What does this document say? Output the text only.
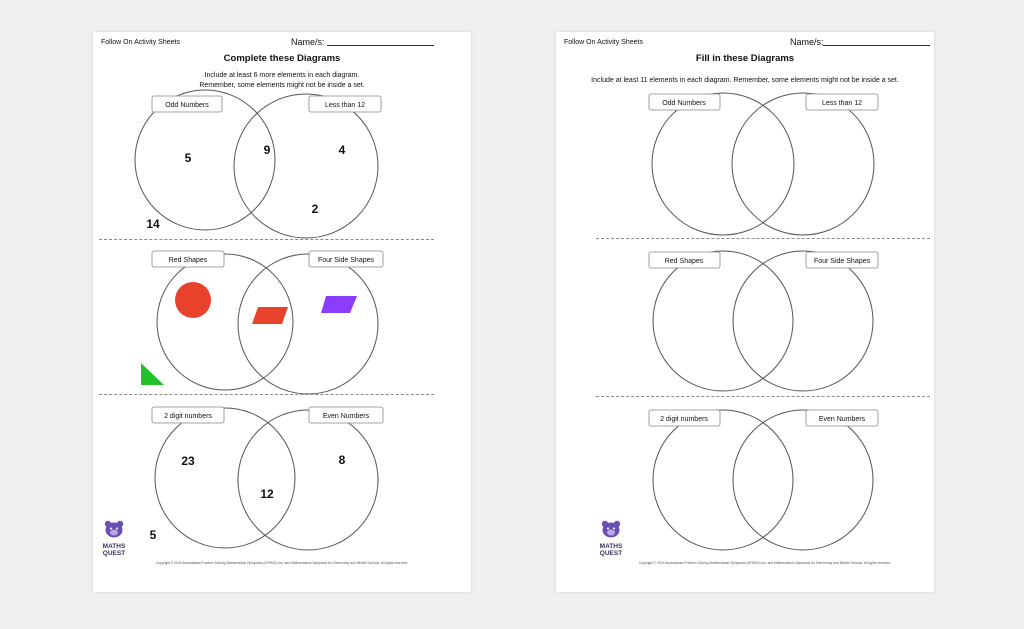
Follow On Activity Sheets	Name/s:
Complete these Diagrams
Include at least 6 more elements in each diagram.
Remember, some elements might not be inside a set.
Odd Numbers	Less than 12
5
9	4
2
14
Red Shapes	Four Side Shapes
2 digit numbers	Even Numbers
23
12
8
5
MATHS
QUEST
Copyright © 2024 Australasian Problem Solving Mathematical Olympiads (APSMO) Inc. and Mathematical Olympiads for Elementary and Middle Schools. All rights reserved.
Follow On Activity Sheets	Name/s:
Fill in these Diagrams
Include at least 11 elements in each diagram. Remember, some elements might not be inside a set.
Odd Numbers	Less than 12
Red Shapes	Four Side Shapes
2 digit numbers	Even Numbers
MATHS
QUEST
Copyright © 2024 Australasian Problem Solving Mathematical Olympiads (APSMO) Inc. and Mathematical Olympiads for Elementary and Middle Schools. All rights reserved.
